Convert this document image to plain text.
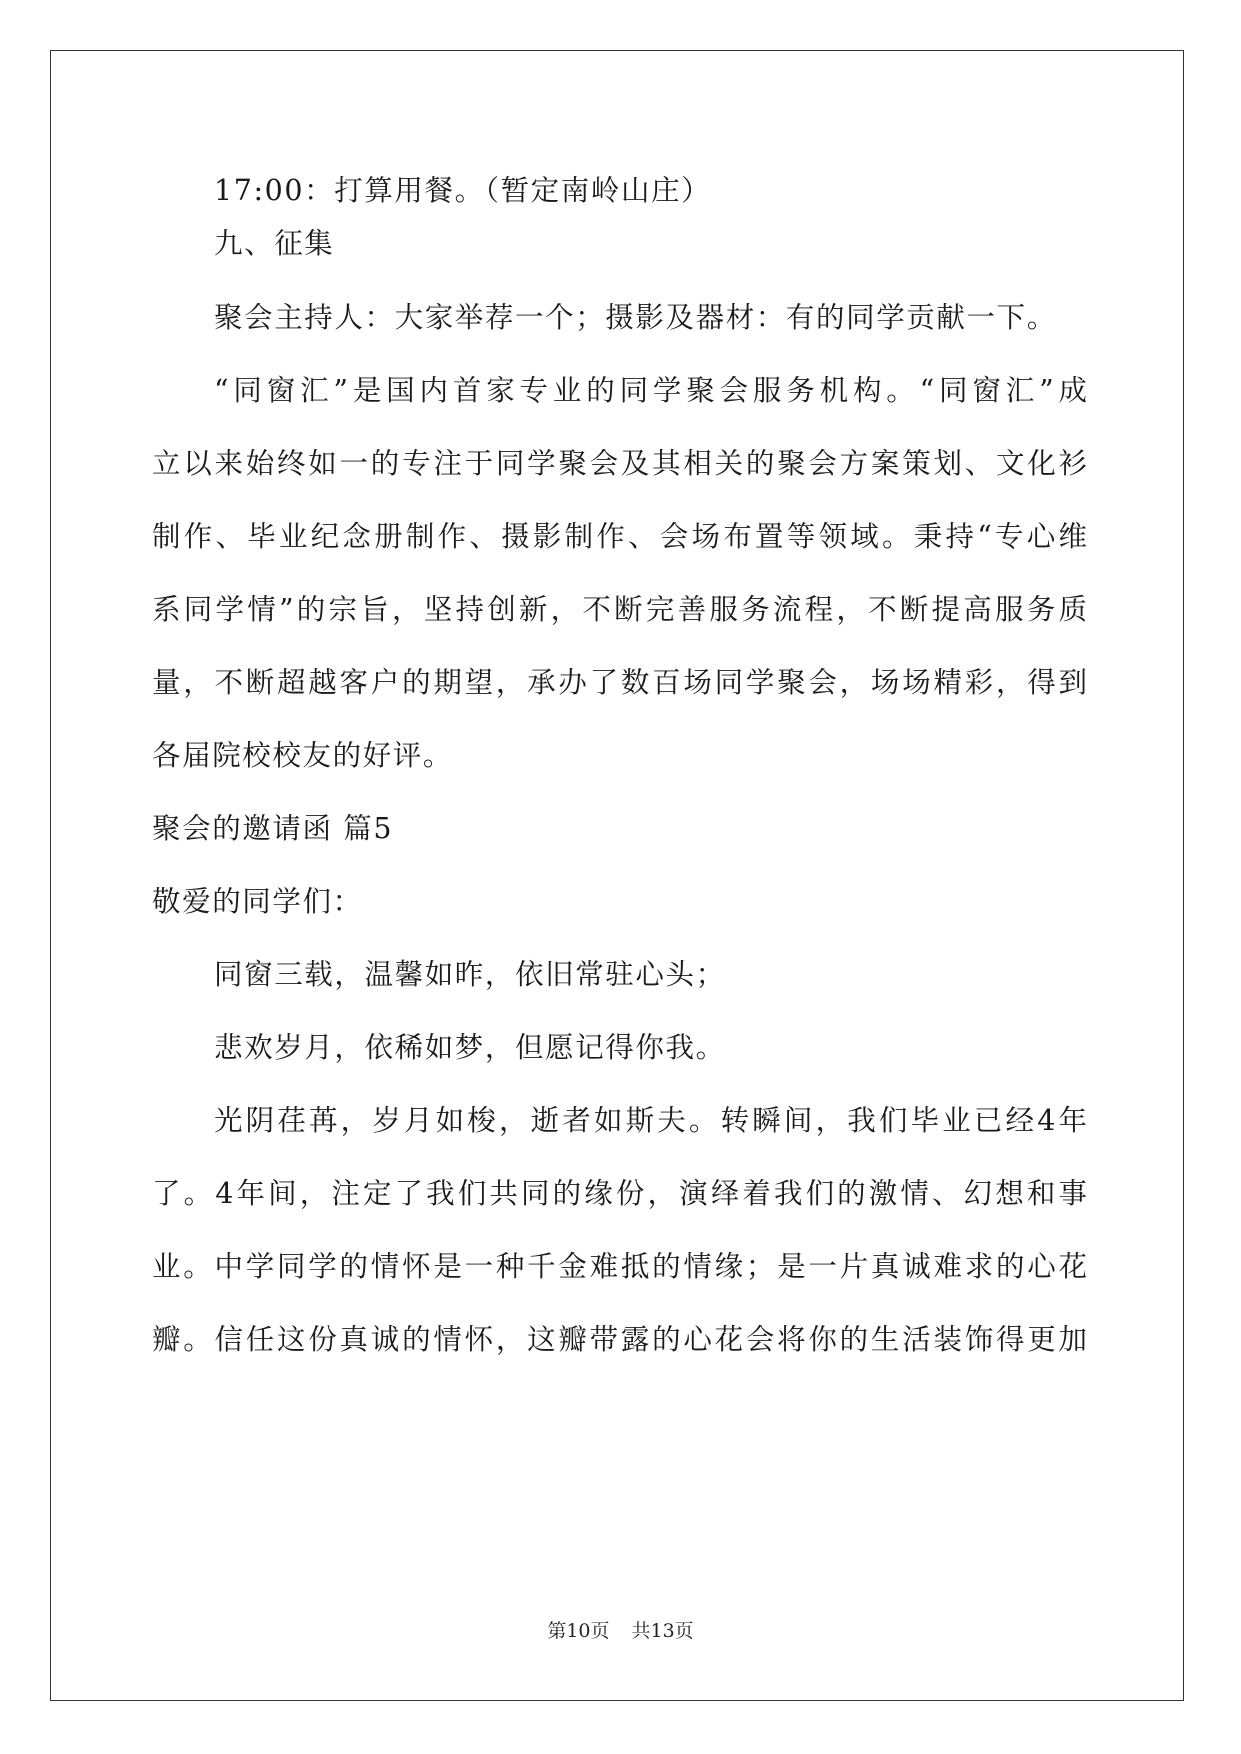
17:00：打算用餐。（暂定南岭山庄）
九、征集
聚会主持人：大家举荐一个；摄影及器材：有的同学贡献一下。
“同窗汇”是国内首家专业的同学聚会服务机构。“同窗汇”成
立以来始终如一的专注于同学聚会及其相关的聚会方案策划、文化衫
制作、毕业纪念册制作、摄影制作、会场布置等领域。秉持“专心维
系同学情”的宗旨，坚持创新，不断完善服务流程，不断提高服务质
量，不断超越客户的期望，承办了数百场同学聚会，场场精彩，得到
各届院校校友的好评。
聚会的邀请函 篇5
敬爱的同学们：
同窗三载，温馨如昨，依旧常驻心头；
悲欢岁月，依稀如梦，但愿记得你我。
光阴荏苒，岁月如梭，逝者如斯夫。转瞬间，我们毕业已经4年
了。4年间，注定了我们共同的缘份，演绎着我们的激情、幻想和事
业。中学同学的情怀是一种千金难抵的情缘；是一片真诚难求的心花
瓣。信任这份真诚的情怀，这瓣带露的心花会将你的生活装饰得更加
第10页 共13页
